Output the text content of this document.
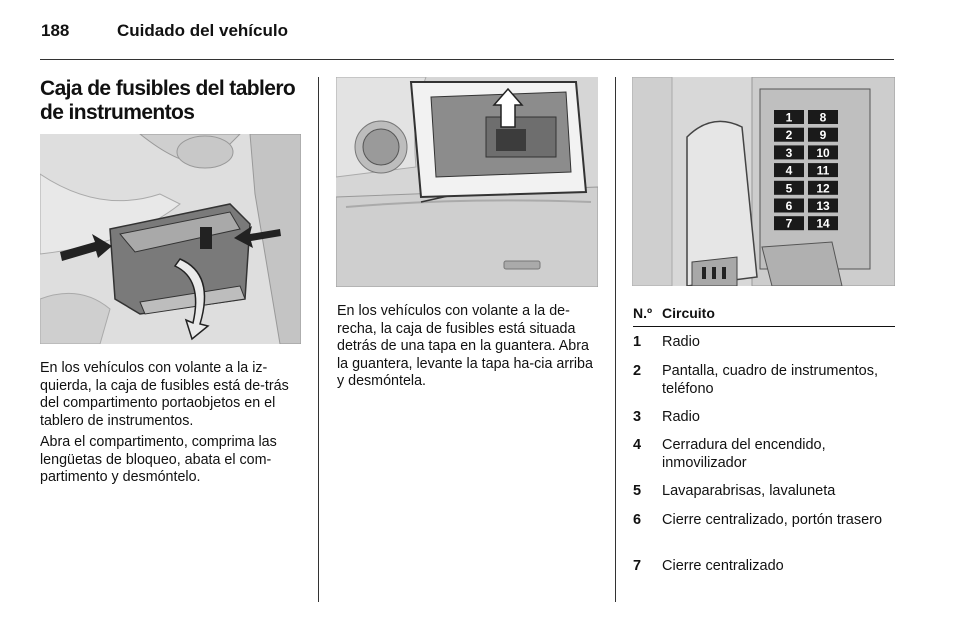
188	Cuidado del vehículo
Caja de fusibles del tablero de instrumentos	1
2
3
4
5
6
7
8
9
10
11
12
13
14

En los vehículos con volante a la iz-quierda, la caja de fusibles está de-trás del compartimento portaobjetos en el tablero de instrumentos.

Abra el compartimento, comprima las lengüetas de bloqueo, abata el com-partimento y desmóntelo.

En los vehículos con volante a la de-recha, la caja de fusibles está situada detrás de una tapa en la guantera. Abra la guantera, levante la tapa ha-cia arriba y desmóntela.

N.º Circuito
1 Radio
2 Pantalla, cuadro de instrumentos, teléfono
3 Radio
4 Cerradura del encendido, inmovilizador
5 Lavaparabrisas, lavaluneta
6 Cierre centralizado, portón trasero
7 Cierre centralizado
